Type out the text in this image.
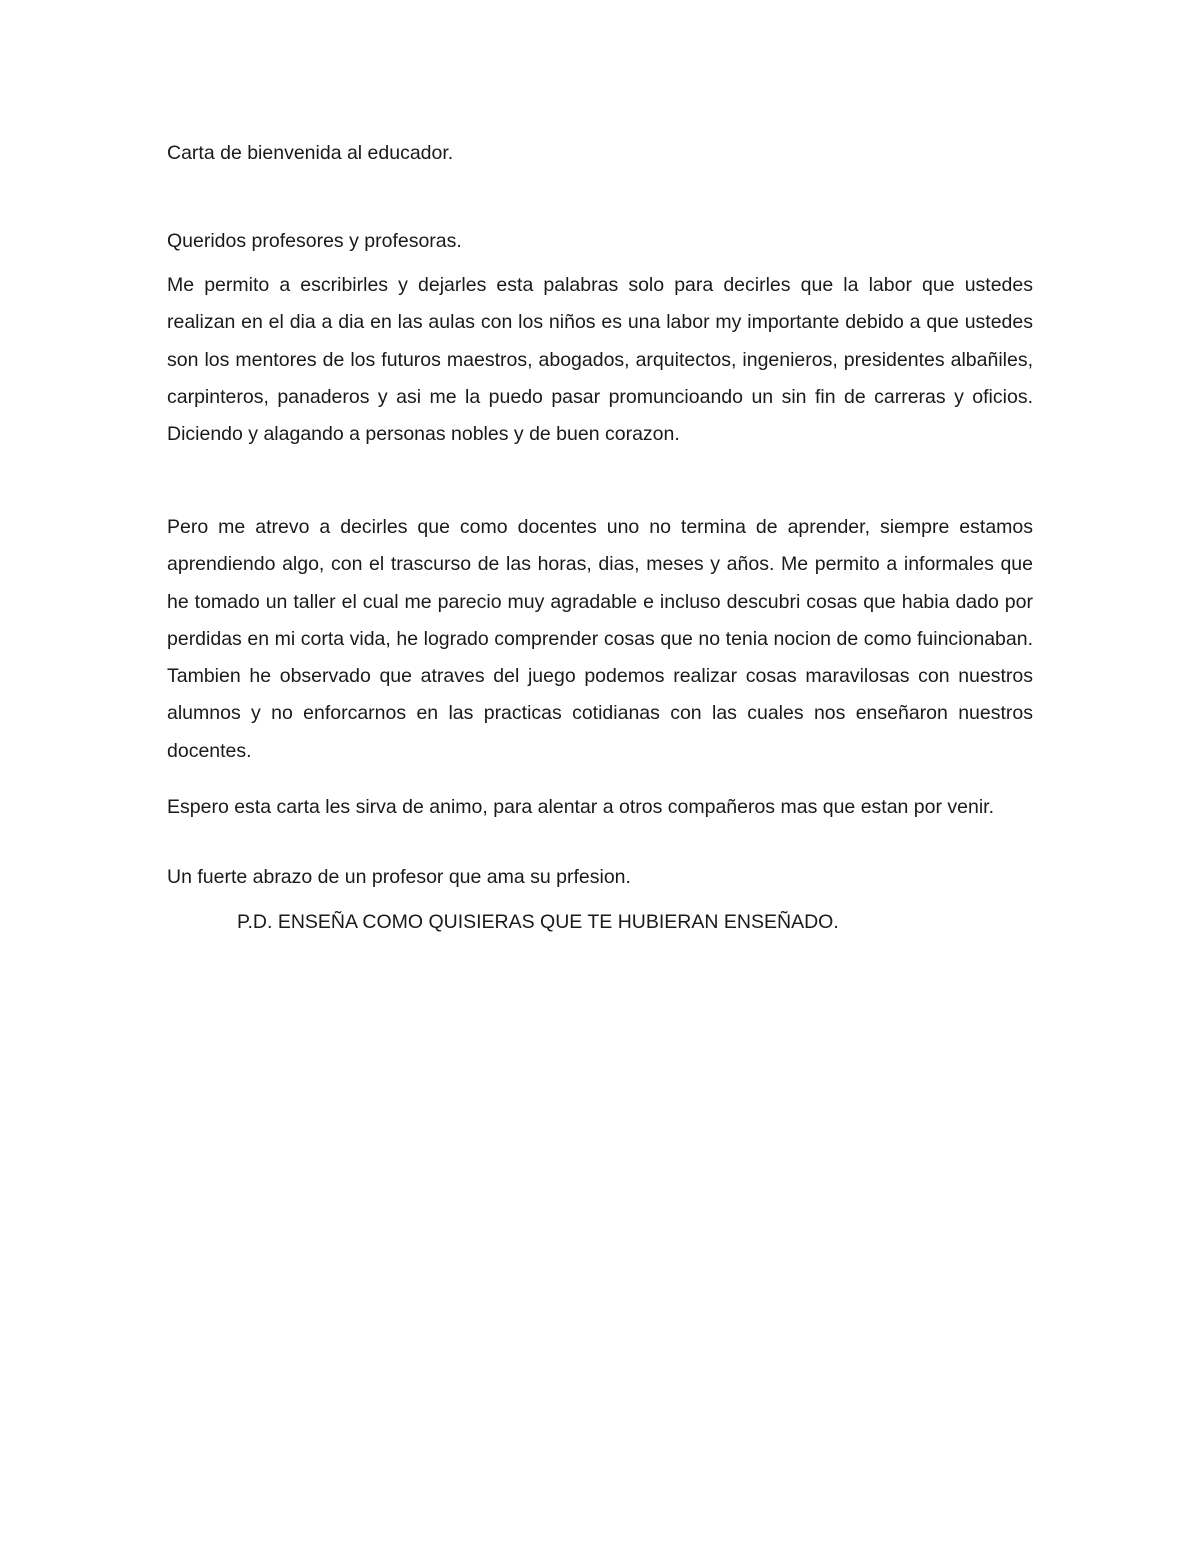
Carta de bienvenida al educador.

Queridos profesores y profesoras.

Me permito a escribirles y dejarles esta palabras solo para decirles que la labor que ustedes realizan en el dia a dia en las aulas con los niños es una labor my importante debido a que ustedes son los mentores de los futuros maestros, abogados, arquitectos, ingenieros, presidentes albañiles, carpinteros, panaderos y asi me la puedo pasar promuncioando un sin fin de carreras y oficios. Diciendo y alagando a personas nobles y de buen corazon.

Pero me atrevo a decirles que como docentes uno no termina de aprender, siempre estamos aprendiendo algo, con el trascurso de las horas, dias, meses y años. Me permito a informales que he tomado un taller el cual me parecio muy agradable e incluso descubri cosas que habia dado por perdidas en mi corta vida, he logrado comprender cosas que no tenia nocion de como fuincionaban. Tambien he observado que atraves del juego podemos realizar cosas maravilosas con nuestros alumnos y no enforcarnos en las practicas cotidianas con las cuales nos enseñaron nuestros docentes.

Espero esta carta les sirva de animo, para alentar a otros compañeros mas que estan por venir.

Un fuerte abrazo de un profesor que ama su prfesion.

P.D. ENSEÑA COMO QUISIERAS QUE TE HUBIERAN ENSEÑADO.
